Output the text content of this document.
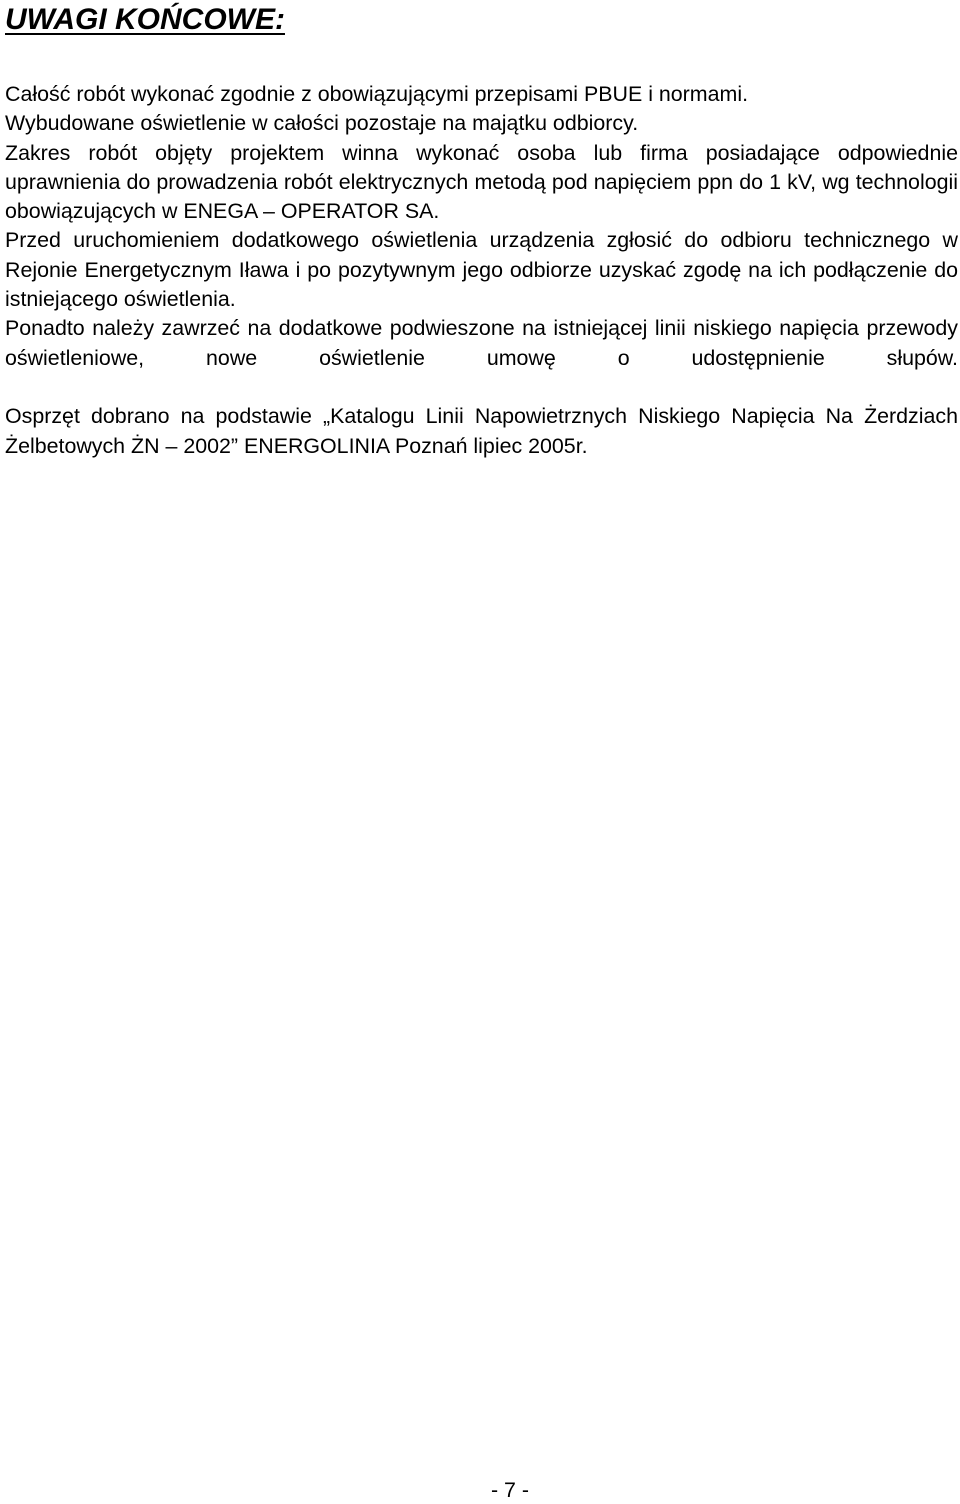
UWAGI KOŃCOWE:

Całość robót wykonać zgodnie z obowiązującymi przepisami PBUE i normami.

Wybudowane oświetlenie w całości pozostaje na majątku odbiorcy.

Zakres robót objęty projektem winna wykonać osoba lub firma posiadające odpowiednie uprawnienia do prowadzenia robót elektrycznych metodą pod napięciem ppn do 1 kV, wg technologii obowiązujących w ENEGA – OPERATOR SA.

Przed uruchomieniem dodatkowego oświetlenia urządzenia zgłosić do odbioru technicznego w Rejonie Energetycznym Iława i po pozytywnym jego odbiorze uzyskać zgodę na ich podłączenie do istniejącego oświetlenia.

Ponadto należy zawrzeć na dodatkowe podwieszone na istniejącej linii niskiego napięcia przewody oświetleniowe, nowe oświetlenie umowę o udostępnienie słupów.

Osprzęt dobrano na podstawie „Katalogu Linii Napowietrznych Niskiego Napięcia Na Żerdziach Żelbetowych ŻN – 2002” ENERGOLINIA Poznań lipiec 2005r.

- 7 -
